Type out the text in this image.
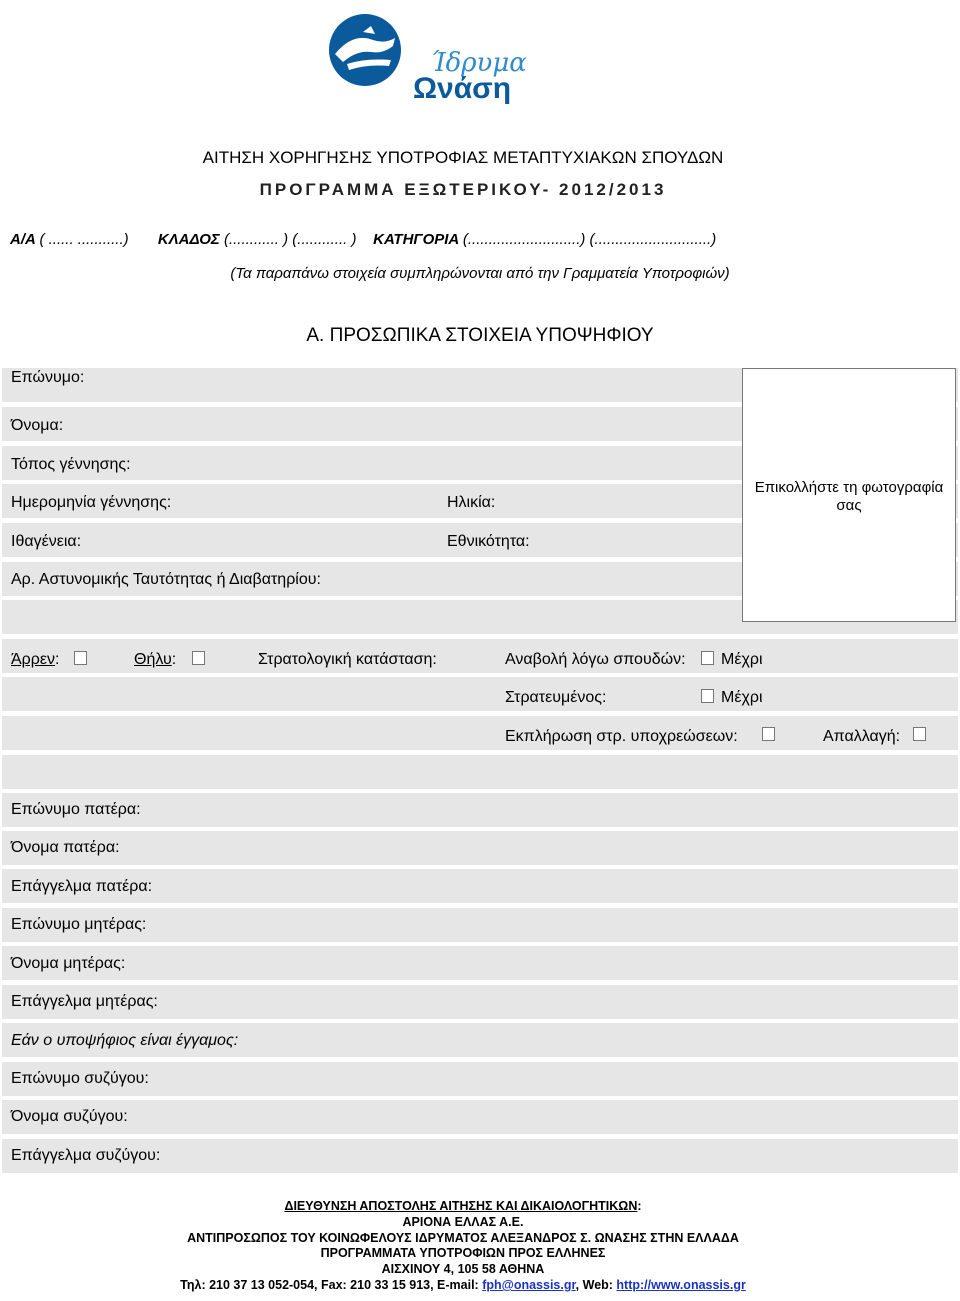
Ίδρυμα
Ωνάση
ΑΙΤΗΣΗ ΧΟΡΗΓΗΣΗΣ ΥΠΟΤΡΟΦΙΑΣ ΜΕΤΑΠΤΥΧΙΑΚΩΝ ΣΠΟΥΔΩΝ
ΠΡΟΓΡΑΜΜΑ ΕΞΩΤΕΡΙΚΟΥ- 2012/2013
Α/Α ( ...... ...........) ΚΛΑΔΟΣ (............ ) (............ ) ΚΑΤΗΓΟΡΙΑ (...........................) (............................)
(Τα παραπάνω στοιχεία συμπληρώνονται από την Γραμματεία Υποτροφιών)
Α. ΠΡΟΣΩΠΙΚΑ ΣΤΟΙΧΕΙΑ ΥΠΟΨΗΦΙΟΥ
Επώνυμο:
Όνομα:
Τόπος γέννησης:
Ημερομηνία γέννησης:	Ηλικία:
Ιθαγένεια:	Εθνικότητα:
Αρ. Αστυνομικής Ταυτότητας ή Διαβατηρίου:
Επικολλήστε τη φωτογραφία σας
Άρρεν:	Θήλυ:	Στρατολογική κατάσταση:	Αναβολή λόγω σπουδών: Μέχρι
Στρατευμένος:	Μέχρι
Εκπλήρωση στρ. υποχρεώσεων:	Απαλλαγή:
Επώνυμο πατέρα:
Όνομα πατέρα:
Επάγγελμα πατέρα:
Επώνυμο μητέρας:
Όνομα μητέρας:
Επάγγελμα μητέρας:
Εάν ο υποψήφιος είναι έγγαμος:
Επώνυμο συζύγου:
Όνομα συζύγου:
Επάγγελμα συζύγου:
ΔΙΕΥΘΥΝΣΗ ΑΠΟΣΤΟΛΗΣ ΑΙΤΗΣΗΣ ΚΑΙ ΔΙΚΑΙΟΛΟΓΗΤΙΚΩΝ:
ΑΡΙΟΝΑ ΕΛΛΑΣ Α.Ε.
ΑΝΤΙΠΡΟΣΩΠΟΣ ΤΟΥ ΚΟΙΝΩΦΕΛΟΥΣ ΙΔΡΥΜΑΤΟΣ ΑΛΕΞΑΝΔΡΟΣ Σ. ΩΝΑΣΗΣ ΣΤΗΝ ΕΛΛΑΔΑ
ΠΡΟΓΡΑΜΜΑΤΑ ΥΠΟΤΡΟΦΙΩΝ ΠΡΟΣ ΕΛΛΗΝΕΣ
ΑΙΣΧΙΝΟΥ 4, 105 58 ΑΘΗΝΑ
Τηλ: 210 37 13 052-054, Fax: 210 33 15 913, E-mail: fph@onassis.gr, Web: http://www.onassis.gr
